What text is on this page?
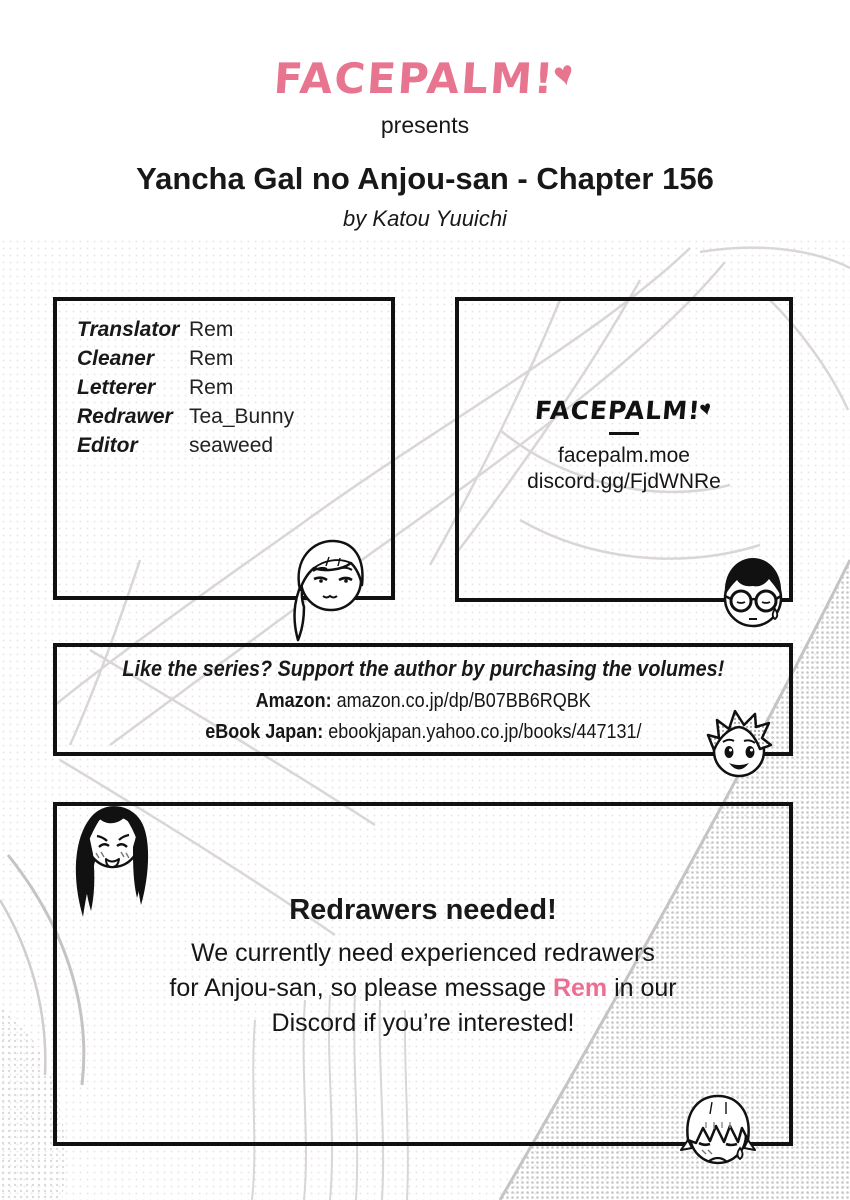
FACEPALM!♥
presents
Yancha Gal no Anjou-san - Chapter 156
by Katou Yuuichi
Translator Rem
Cleaner Rem
Letterer Rem
Redrawer Tea_Bunny
Editor seaweed
FACEPALM!♥
facepalm.moe
discord.gg/FjdWNRe
Like the series? Support the author by purchasing the volumes!
Amazon: amazon.co.jp/dp/B07BB6RQBK
eBook Japan: ebookjapan.yahoo.co.jp/books/447131/
Redrawers needed!
We currently need experienced redrawers
for Anjou-san, so please message Rem in our
Discord if you’re interested!
